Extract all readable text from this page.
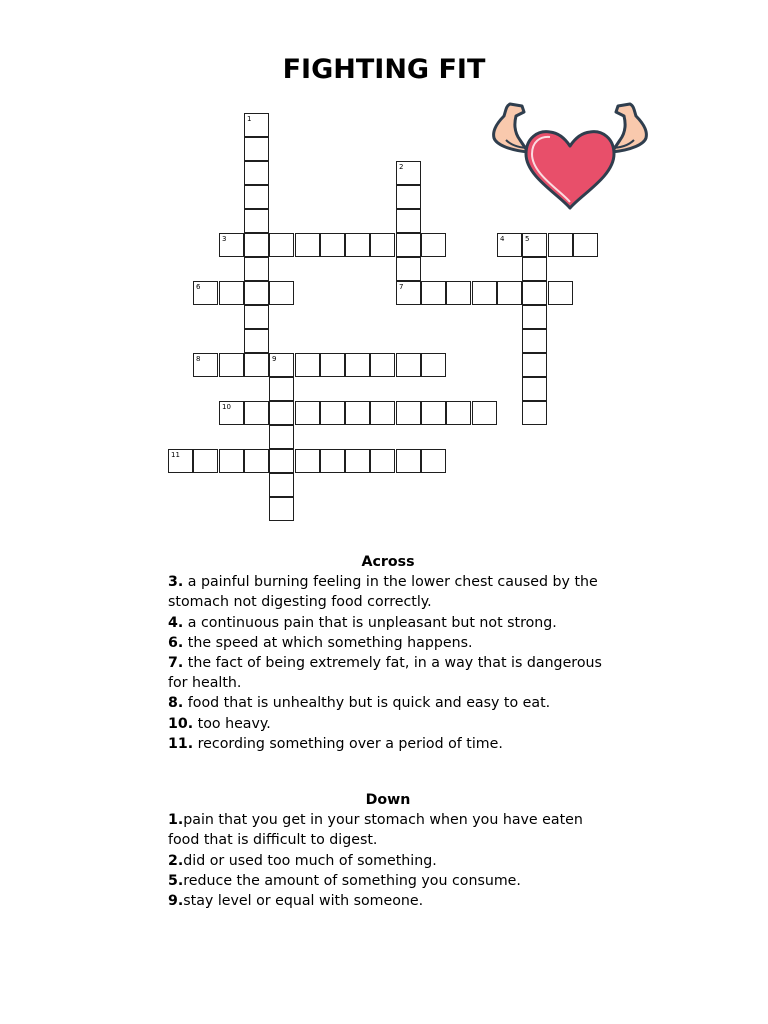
FIGHTING FIT
3	4	5
6	7
8	9
10
11
1
2
Across
3. a painful burning feeling in the lower chest caused by the stomach not digesting food correctly.
4. a continuous pain that is unpleasant but not strong.
6. the speed at which something happens.
7. the fact of being extremely fat, in a way that is dangerous for health.
8. food that is unhealthy but is quick and easy to eat.
10. too heavy.
11. recording something over a period of time.
Down
1.pain that you get in your stomach when you have eaten food that is difficult to digest.
2.did or used too much of something.
5.reduce the amount of something you consume.
9.stay level or equal with someone.
